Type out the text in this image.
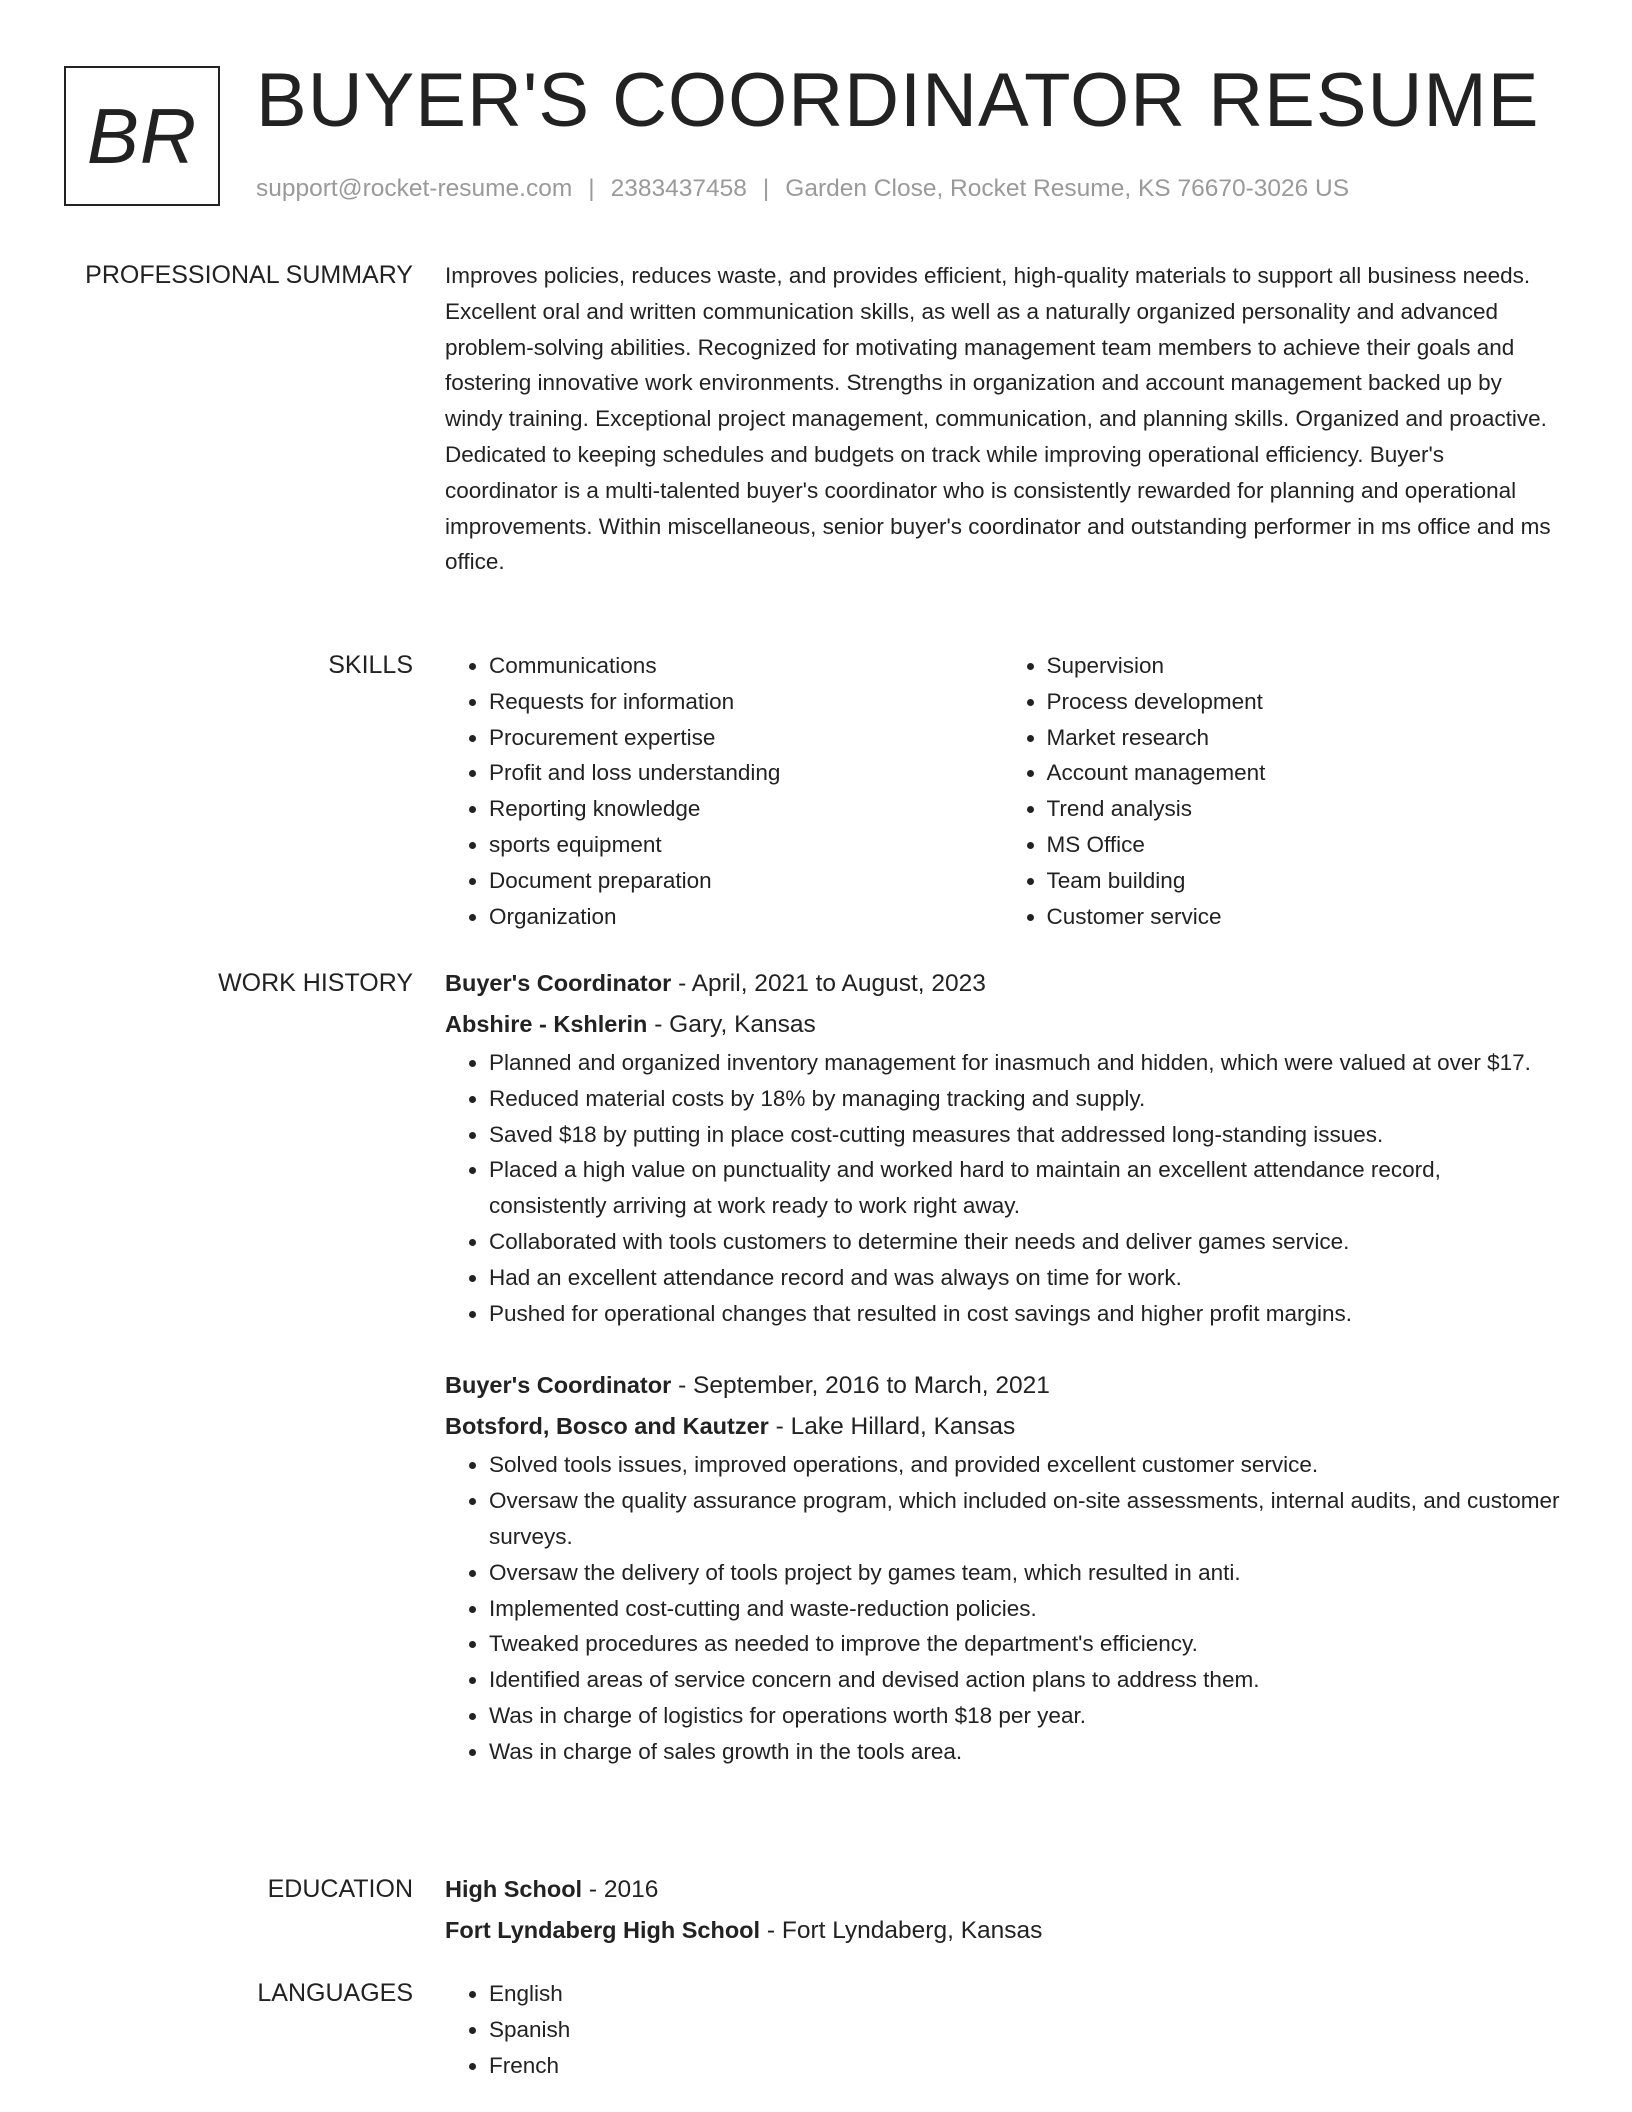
BR BUYER'S COORDINATOR RESUME
support@rocket-resume.com | 2383437458 | Garden Close, Rocket Resume, KS 76670-3026 US
PROFESSIONAL SUMMARY Improves policies, reduces waste, and provides efficient, high-quality materials to support all business needs. Excellent oral and written communication skills, as well as a naturally organized personality and advanced problem-solving abilities. Recognized for motivating management team members to achieve their goals and fostering innovative work environments. Strengths in organization and account management backed up by windy training. Exceptional project management, communication, and planning skills. Organized and proactive. Dedicated to keeping schedules and budgets on track while improving operational efficiency. Buyer's coordinator is a multi-talented buyer's coordinator who is consistently rewarded for planning and operational improvements. Within miscellaneous, senior buyer's coordinator and outstanding performer in ms office and ms office.
SKILLS	• Communications
• Requests for information
• Procurement expertise
• Profit and loss understanding
• Reporting knowledge
• sports equipment
• Document preparation
• Organization
• Supervision
• Process development
• Market research
• Account management
• Trend analysis
• MS Office
• Team building
• Customer service
WORK HISTORY Buyer's Coordinator - April, 2021 to August, 2023
Abshire - Kshlerin - Gary, Kansas
• Planned and organized inventory management for inasmuch and hidden, which were valued at over $17.
• Reduced material costs by 18% by managing tracking and supply.
• Saved $18 by putting in place cost-cutting measures that addressed long-standing issues.
• Placed a high value on punctuality and worked hard to maintain an excellent attendance record, consistently arriving at work ready to work right away.
• Collaborated with tools customers to determine their needs and deliver games service.
• Had an excellent attendance record and was always on time for work.
• Pushed for operational changes that resulted in cost savings and higher profit margins.
Buyer's Coordinator - September, 2016 to March, 2021
Botsford, Bosco and Kautzer - Lake Hillard, Kansas
• Solved tools issues, improved operations, and provided excellent customer service.
• Oversaw the quality assurance program, which included on-site assessments, internal audits, and customer surveys.
• Oversaw the delivery of tools project by games team, which resulted in anti.
• Implemented cost-cutting and waste-reduction policies.
• Tweaked procedures as needed to improve the department's efficiency.
• Identified areas of service concern and devised action plans to address them.
• Was in charge of logistics for operations worth $18 per year.
• Was in charge of sales growth in the tools area.
EDUCATION High School - 2016
Fort Lyndaberg High School - Fort Lyndaberg, Kansas
LANGUAGES	• English
• Spanish
• French
